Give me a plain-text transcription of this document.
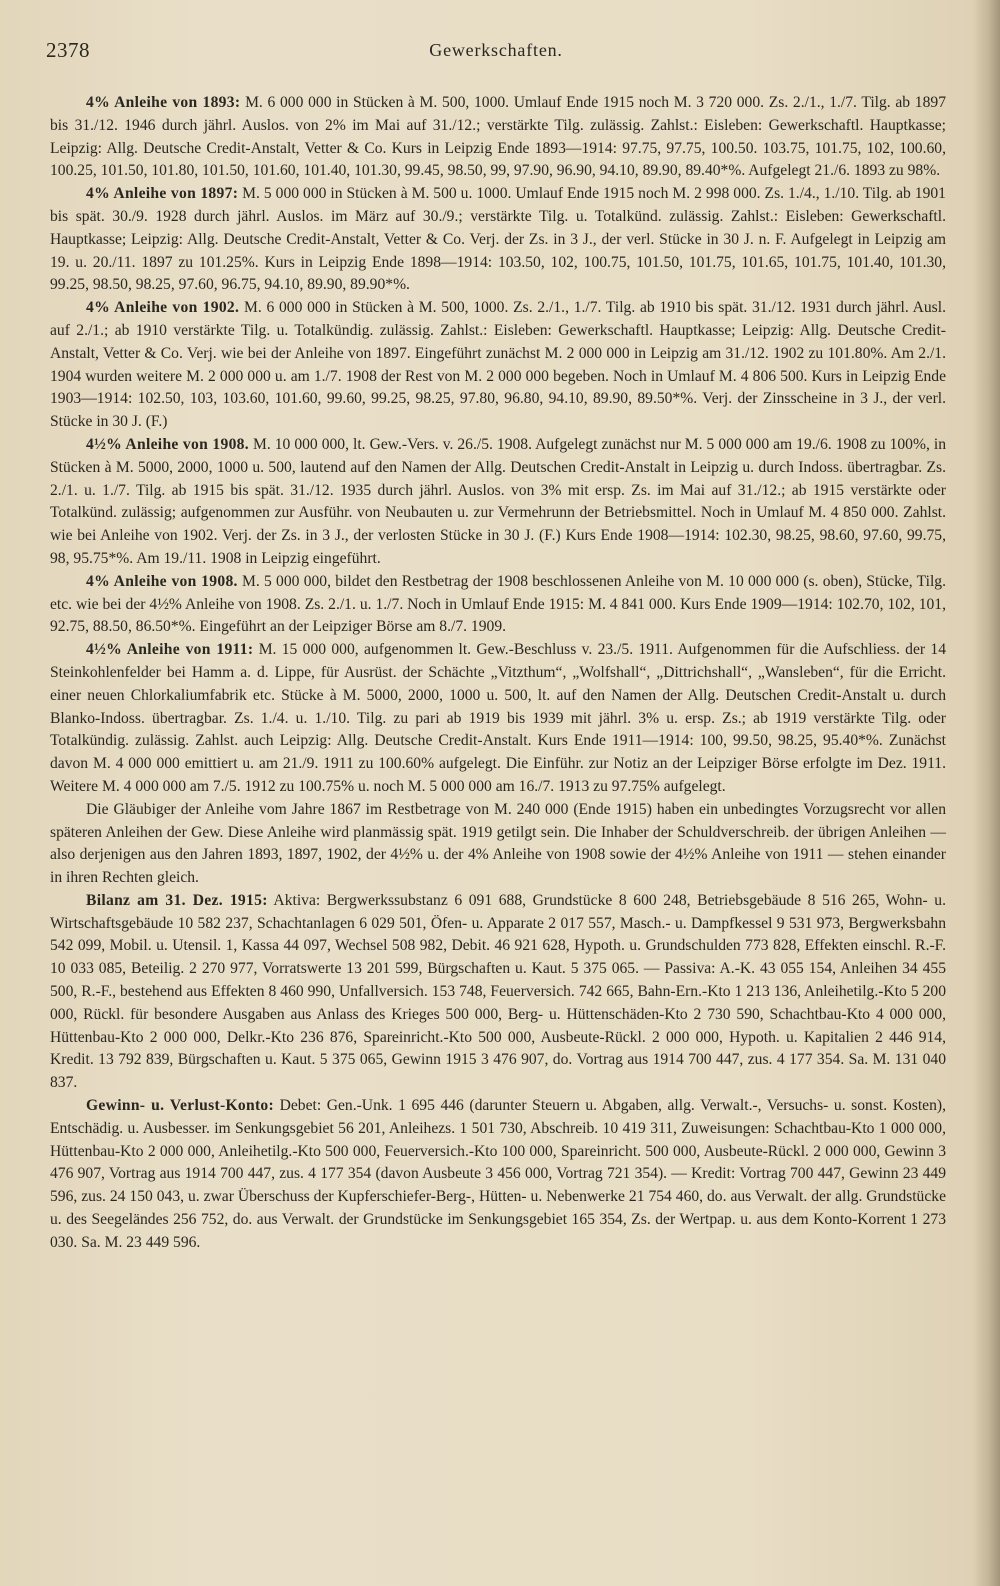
2378	Gewerkschaften.

4% Anleihe von 1893: M. 6 000 000 in Stücken à M. 500, 1000. Umlauf Ende 1915 noch M. 3 720 000. Zs. 2./1., 1./7. Tilg. ab 1897 bis 31./12. 1946 durch jährl. Auslos. von 2% im Mai auf 31./12.; verstärkte Tilg. zulässig. Zahlst.: Eisleben: Gewerkschaftl. Hauptkasse; Leipzig: Allg. Deutsche Credit-Anstalt, Vetter & Co. Kurs in Leipzig Ende 1893—1914: 97.75, 97.75, 100.50. 103.75, 101.75, 102, 100.60, 100.25, 101.50, 101.80, 101.50, 101.60, 101.40, 101.30, 99.45, 98.50, 99, 97.90, 96.90, 94.10, 89.90, 89.40*%. Aufgelegt 21./6. 1893 zu 98%.

4% Anleihe von 1897: M. 5 000 000 in Stücken à M. 500 u. 1000. Umlauf Ende 1915 noch M. 2 998 000. Zs. 1./4., 1./10. Tilg. ab 1901 bis spät. 30./9. 1928 durch jährl. Auslos. im März auf 30./9.; verstärkte Tilg. u. Totalkünd. zulässig. Zahlst.: Eisleben: Gewerkschaftl. Hauptkasse; Leipzig: Allg. Deutsche Credit-Anstalt, Vetter & Co. Verj. der Zs. in 3 J., der verl. Stücke in 30 J. n. F. Aufgelegt in Leipzig am 19. u. 20./11. 1897 zu 101.25%. Kurs in Leipzig Ende 1898—1914: 103.50, 102, 100.75, 101.50, 101.75, 101.65, 101.75, 101.40, 101.30, 99.25, 98.50, 98.25, 97.60, 96.75, 94.10, 89.90, 89.90*%.

4% Anleihe von 1902. M. 6 000 000 in Stücken à M. 500, 1000. Zs. 2./1., 1./7. Tilg. ab 1910 bis spät. 31./12. 1931 durch jährl. Ausl. auf 2./1.; ab 1910 verstärkte Tilg. u. Totalkündig. zulässig. Zahlst.: Eisleben: Gewerkschaftl. Hauptkasse; Leipzig: Allg. Deutsche Credit-Anstalt, Vetter & Co. Verj. wie bei der Anleihe von 1897. Eingeführt zunächst M. 2 000 000 in Leipzig am 31./12. 1902 zu 101.80%. Am 2./1. 1904 wurden weitere M. 2 000 000 u. am 1./7. 1908 der Rest von M. 2 000 000 begeben. Noch in Umlauf M. 4 806 500. Kurs in Leipzig Ende 1903—1914: 102.50, 103, 103.60, 101.60, 99.60, 99.25, 98.25, 97.80, 96.80, 94.10, 89.90, 89.50*%. Verj. der Zinsscheine in 3 J., der verl. Stücke in 30 J. (F.)

4½% Anleihe von 1908. M. 10 000 000, lt. Gew.-Vers. v. 26./5. 1908. Aufgelegt zunächst nur M. 5 000 000 am 19./6. 1908 zu 100%, in Stücken à M. 5000, 2000, 1000 u. 500, lautend auf den Namen der Allg. Deutschen Credit-Anstalt in Leipzig u. durch Indoss. übertragbar. Zs. 2./1. u. 1./7. Tilg. ab 1915 bis spät. 31./12. 1935 durch jährl. Auslos. von 3% mit ersp. Zs. im Mai auf 31./12.; ab 1915 verstärkte oder Totalkünd. zulässig; aufgenommen zur Ausführ. von Neubauten u. zur Vermehrunn der Betriebsmittel. Noch in Umlauf M. 4 850 000. Zahlst. wie bei Anleihe von 1902. Verj. der Zs. in 3 J., der verlosten Stücke in 30 J. (F.) Kurs Ende 1908—1914: 102.30, 98.25, 98.60, 97.60, 99.75, 98, 95.75*%. Am 19./11. 1908 in Leipzig eingeführt.

4% Anleihe von 1908. M. 5 000 000, bildet den Restbetrag der 1908 beschlossenen Anleihe von M. 10 000 000 (s. oben), Stücke, Tilg. etc. wie bei der 4½% Anleihe von 1908. Zs. 2./1. u. 1./7. Noch in Umlauf Ende 1915: M. 4 841 000. Kurs Ende 1909—1914: 102.70, 102, 101, 92.75, 88.50, 86.50*%. Eingeführt an der Leipziger Börse am 8./7. 1909.

4½% Anleihe von 1911: M. 15 000 000, aufgenommen lt. Gew.-Beschluss v. 23./5. 1911. Aufgenommen für die Aufschliess. der 14 Steinkohlenfelder bei Hamm a. d. Lippe, für Ausrüst. der Schächte „Vitzthum“, „Wolfshall“, „Dittrichshall“, „Wansleben“, für die Erricht. einer neuen Chlorkaliumfabrik etc. Stücke à M. 5000, 2000, 1000 u. 500, lt. auf den Namen der Allg. Deutschen Credit-Anstalt u. durch Blanko-Indoss. übertragbar. Zs. 1./4. u. 1./10. Tilg. zu pari ab 1919 bis 1939 mit jährl. 3% u. ersp. Zs.; ab 1919 verstärkte Tilg. oder Totalkündig. zulässig. Zahlst. auch Leipzig: Allg. Deutsche Credit-Anstalt. Kurs Ende 1911—1914: 100, 99.50, 98.25, 95.40*%. Zunächst davon M. 4 000 000 emittiert u. am 21./9. 1911 zu 100.60% aufgelegt. Die Einführ. zur Notiz an der Leipziger Börse erfolgte im Dez. 1911. Weitere M. 4 000 000 am 7./5. 1912 zu 100.75% u. noch M. 5 000 000 am 16./7. 1913 zu 97.75% aufgelegt.

Die Gläubiger der Anleihe vom Jahre 1867 im Restbetrage von M. 240 000 (Ende 1915) haben ein unbedingtes Vorzugsrecht vor allen späteren Anleihen der Gew. Diese Anleihe wird planmässig spät. 1919 getilgt sein. Die Inhaber der Schuldverschreib. der übrigen Anleihen — also derjenigen aus den Jahren 1893, 1897, 1902, der 4½% u. der 4% Anleihe von 1908 sowie der 4½% Anleihe von 1911 — stehen einander in ihren Rechten gleich.

Bilanz am 31. Dez. 1915: Aktiva: Bergwerkssubstanz 6 091 688, Grundstücke 8 600 248, Betriebsgebäude 8 516 265, Wohn- u. Wirtschaftsgebäude 10 582 237, Schachtanlagen 6 029 501, Öfen- u. Apparate 2 017 557, Masch.- u. Dampfkessel 9 531 973, Bergwerksbahn 542 099, Mobil. u. Utensil. 1, Kassa 44 097, Wechsel 508 982, Debit. 46 921 628, Hypoth. u. Grundschulden 773 828, Effekten einschl. R.-F. 10 033 085, Beteilig. 2 270 977, Vorratswerte 13 201 599, Bürgschaften u. Kaut. 5 375 065. — Passiva: A.-K. 43 055 154, Anleihen 34 455 500, R.-F., bestehend aus Effekten 8 460 990, Unfallversich. 153 748, Feuerversich. 742 665, Bahn-Ern.-Kto 1 213 136, Anleihetilg.-Kto 5 200 000, Rückl. für besondere Ausgaben aus Anlass des Krieges 500 000, Berg- u. Hüttenschäden-Kto 2 730 590, Schachtbau-Kto 4 000 000, Hüttenbau-Kto 2 000 000, Delkr.-Kto 236 876, Spareinricht.-Kto 500 000, Ausbeute-Rückl. 2 000 000, Hypoth. u. Kapitalien 2 446 914, Kredit. 13 792 839, Bürgschaften u. Kaut. 5 375 065, Gewinn 1915 3 476 907, do. Vortrag aus 1914 700 447, zus. 4 177 354. Sa. M. 131 040 837.

Gewinn- u. Verlust-Konto: Debet: Gen.-Unk. 1 695 446 (darunter Steuern u. Abgaben, allg. Verwalt.-, Versuchs- u. sonst. Kosten), Entschädig. u. Ausbesser. im Senkungsgebiet 56 201, Anleihezs. 1 501 730, Abschreib. 10 419 311, Zuweisungen: Schachtbau-Kto 1 000 000, Hüttenbau-Kto 2 000 000, Anleihetilg.-Kto 500 000, Feuerversich.-Kto 100 000, Spareinricht. 500 000, Ausbeute-Rückl. 2 000 000, Gewinn 3 476 907, Vortrag aus 1914 700 447, zus. 4 177 354 (davon Ausbeute 3 456 000, Vortrag 721 354). — Kredit: Vortrag 700 447, Gewinn 23 449 596, zus. 24 150 043, u. zwar Überschuss der Kupferschiefer-Berg-, Hütten- u. Nebenwerke 21 754 460, do. aus Verwalt. der allg. Grundstücke u. des Seegeländes 256 752, do. aus Verwalt. der Grundstücke im Senkungsgebiet 165 354, Zs. der Wertpap. u. aus dem Konto-Korrent 1 273 030. Sa. M. 23 449 596.
